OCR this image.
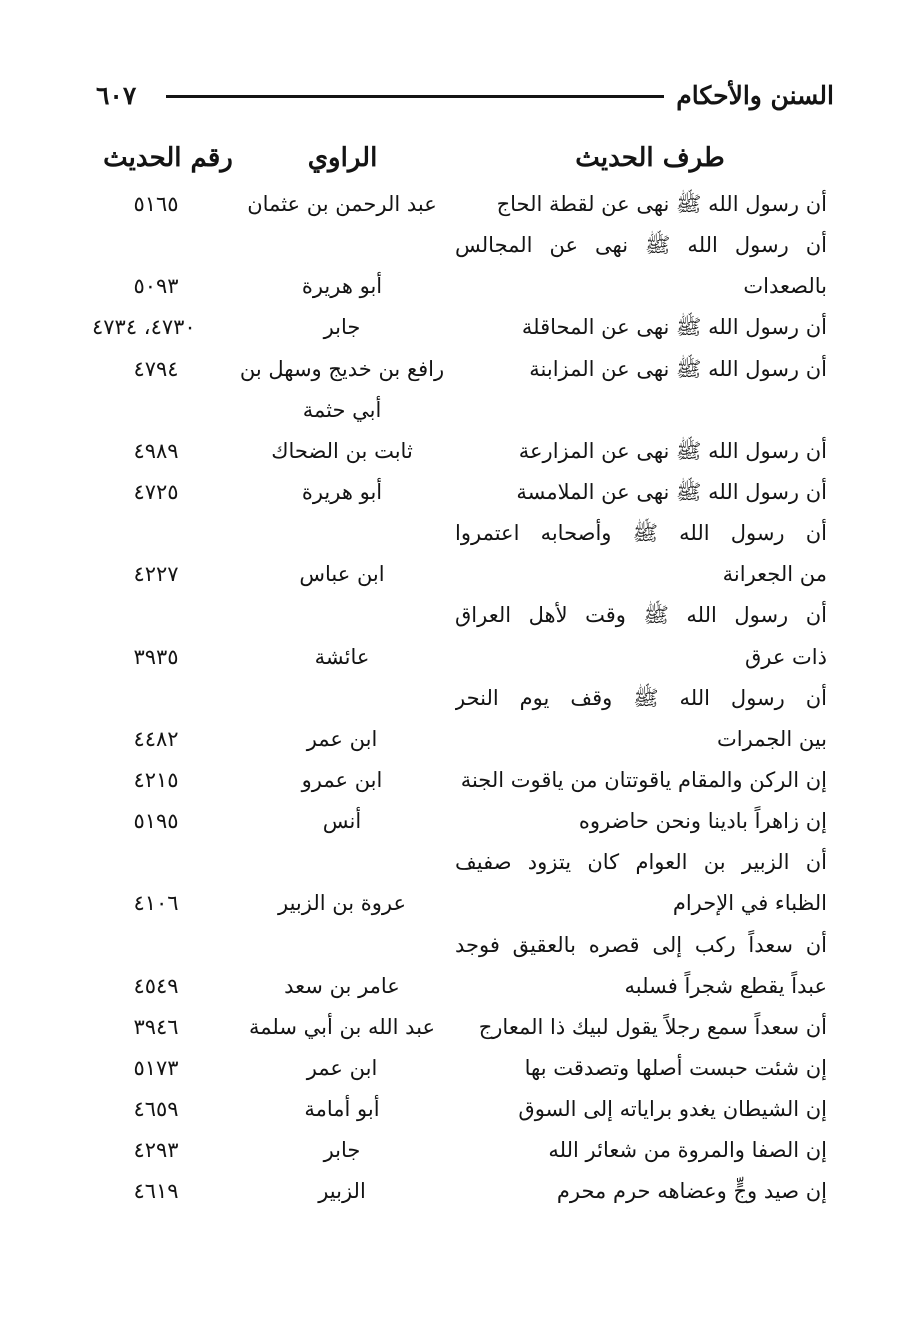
السنن والأحكام
٦٠٧
طرف الحديث
الراوي
رقم الحديث
أن رسول الله ﷺ نهى عن لقطة الحاج
عبد الرحمن بن عثمان
٥١٦٥
أن رسول الله ﷺ نهى عن المجالس
بالصعدات
أبو هريرة
٥٠٩٣
أن رسول الله ﷺ نهى عن المحاقلة
جابر
٤٧٣٠، ٤٧٣٤
أن رسول الله ﷺ نهى عن المزابنة
رافع بن خديج وسهل بن
٤٧٩٤
أبي حثمة
أن رسول الله ﷺ نهى عن المزارعة
ثابت بن الضحاك
٤٩٨٩
أن رسول الله ﷺ نهى عن الملامسة
أبو هريرة
٤٧٢٥
أن رسول الله ﷺ وأصحابه اعتمروا
من الجعرانة
ابن عباس
٤٢٢٧
أن رسول الله ﷺ وقت لأهل العراق
ذات عرق
عائشة
٣٩٣٥
أن رسول الله ﷺ وقف يوم النحر
بين الجمرات
ابن عمر
٤٤٨٢
إن الركن والمقام ياقوتتان من ياقوت الجنة
ابن عمرو
٤٢١٥
إن زاهراً بادينا ونحن حاضروه
أنس
٥١٩٥
أن الزبير بن العوام كان يتزود صفيف
الظباء في الإحرام
عروة بن الزبير
٤١٠٦
أن سعداً ركب إلى قصره بالعقيق فوجد
عبداً يقطع شجراً فسلبه
عامر بن سعد
٤٥٤٩
أن سعداً سمع رجلاً يقول لبيك ذا المعارج
عبد الله بن أبي سلمة
٣٩٤٦
إن شئت حبست أصلها وتصدقت بها
ابن عمر
٥١٧٣
إن الشيطان يغدو براياته إلى السوق
أبو أمامة
٤٦٥٩
إن الصفا والمروة من شعائر الله
جابر
٤٢٩٣
إن صيد وجٍّ وعضاهه حرم محرم
الزبير
٤٦١٩
